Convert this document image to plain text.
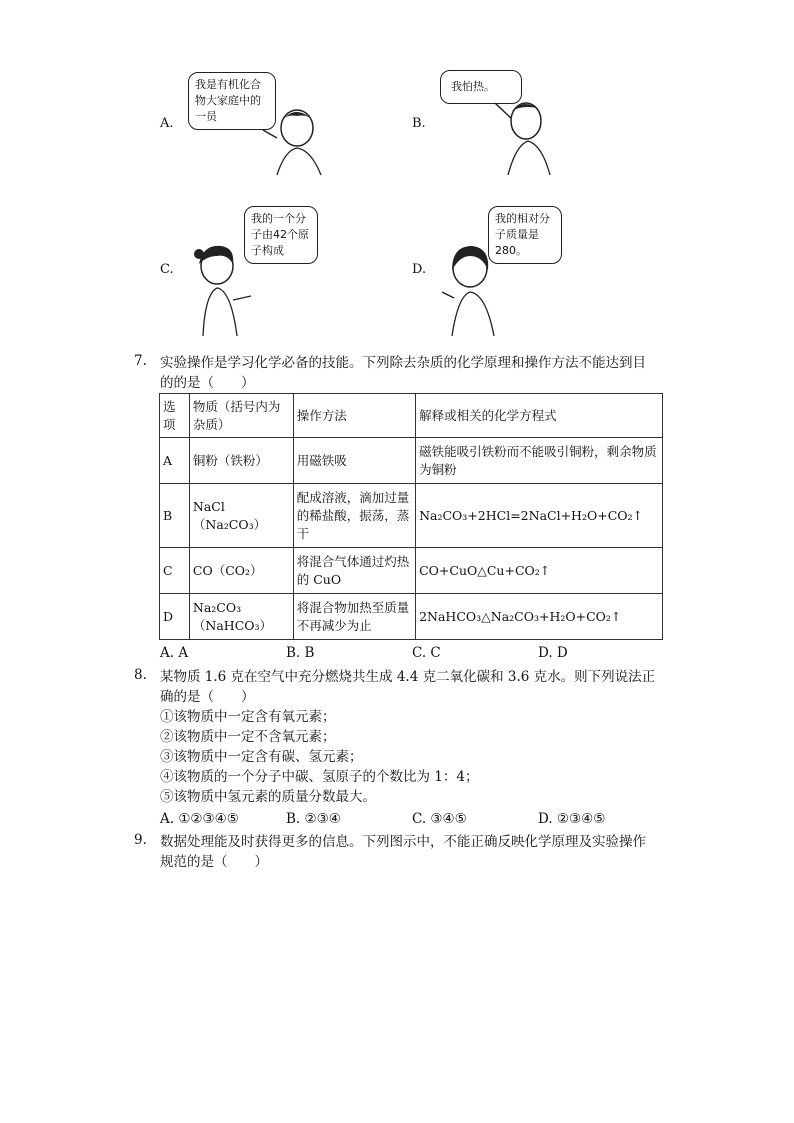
A.
我是有机化合物大家庭中的一员	B.
我怕热。
C.
我的一个分子由42个原子构成
D.
我的相对分子质量是280。
7. 实验操作是学习化学必备的技能。下列除去杂质的化学原理和操作方法不能达到目
的的是（　　）
选项	物质（括号内为杂质）	操作方法	解释或相关的化学方程式
A	铜粉（铁粉）	用磁铁吸	磁铁能吸引铁粉而不能吸引铜粉，剩余物质为铜粉
B	NaCl（Na₂CO₃）	配成溶液，滴加过量的稀盐酸，振荡，蒸干	Na₂CO₃+2HCl=2NaCl+H₂O+CO₂↑
C	CO（CO₂）	将混合气体通过灼热的 CuO	CO+CuO△Cu+CO₂↑
D	Na₂CO₃（NaHCO₃）	将混合物加热至质量不再减少为止	2NaHCO₃△Na₂CO₃+H₂O+CO₂↑
A. A	B. B	C. C	D. D
8. 某物质 1.6 克在空气中充分燃烧共生成 4.4 克二氧化碳和 3.6 克水。则下列说法正
确的是（　　）
①该物质中一定含有氧元素；
②该物质中一定不含氧元素；
③该物质中一定含有碳、氢元素；
④该物质的一个分子中碳、氢原子的个数比为 1：4；
⑤该物质中氢元素的质量分数最大。
A. ①②③④⑤	B. ②③④	C. ③④⑤	D. ②③④⑤
9. 数据处理能及时获得更多的信息。下列图示中，不能正确反映化学原理及实验操作
规范的是（　　）
